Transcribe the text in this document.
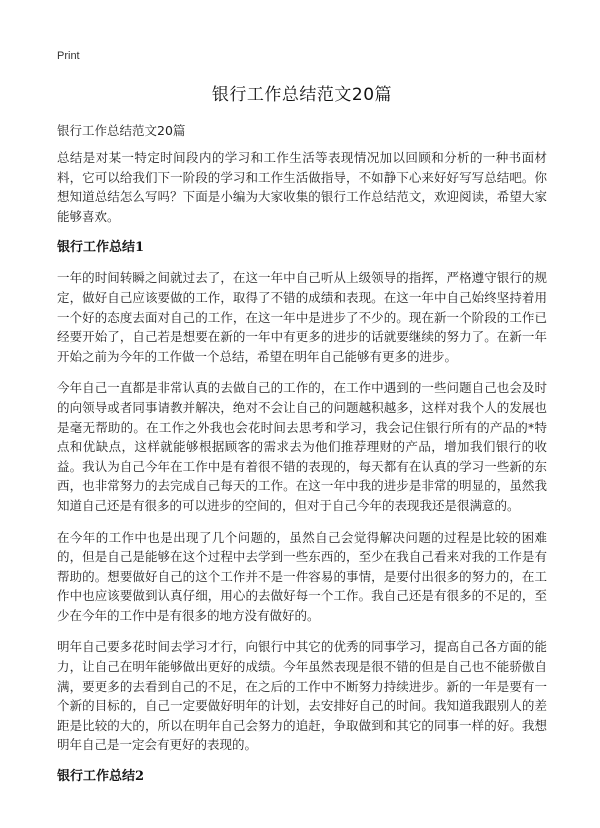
Print
银行工作总结范文20篇
银行工作总结范文20篇

总结是对某一特定时间段内的学习和工作生活等表现情况加以回顾和分析的一种书面材料，它可以给我们下一阶段的学习和工作生活做指导，不如静下心来好好写写总结吧。你想知道总结怎么写吗？下面是小编为大家收集的银行工作总结范文，欢迎阅读，希望大家能够喜欢。

银行工作总结1

一年的时间转瞬之间就过去了，在这一年中自己听从上级领导的指挥，严格遵守银行的规定，做好自己应该要做的工作，取得了不错的成绩和表现。在这一年中自己始终坚持着用一个好的态度去面对自己的工作，在这一年中是进步了不少的。现在新一个阶段的工作已经要开始了，自己若是想要在新的一年中有更多的进步的话就要继续的努力了。在新一年开始之前为今年的工作做一个总结，希望在明年自己能够有更多的进步。

今年自己一直都是非常认真的去做自己的工作的，在工作中遇到的一些问题自己也会及时的向领导或者同事请教并解决，绝对不会让自己的问题越积越多，这样对我个人的发展也是毫无帮助的。在工作之外我也会花时间去思考和学习，我会记住银行所有的产品的*特点和优缺点，这样就能够根据顾客的需求去为他们推荐理财的产品，增加我们银行的收益。我认为自己今年在工作中是有着很不错的表现的，每天都有在认真的学习一些新的东西，也非常努力的去完成自己每天的工作。在这一年中我的进步是非常的明显的，虽然我知道自己还是有很多的可以进步的空间的，但对于自己今年的表现我还是很满意的。

在今年的工作中也是出现了几个问题的，虽然自己会觉得解决问题的过程是比较的困难的，但是自己是能够在这个过程中去学到一些东西的，至少在我自己看来对我的工作是有帮助的。想要做好自己的这个工作并不是一件容易的事情，是要付出很多的努力的，在工作中也应该要做到认真仔细，用心的去做好每一个工作。我自己还是有很多的不足的，至少在今年的工作中是有很多的地方没有做好的。

明年自己要多花时间去学习才行，向银行中其它的优秀的同事学习，提高自己各方面的能力，让自己在明年能够做出更好的成绩。今年虽然表现是很不错的但是自己也不能骄傲自满，要更多的去看到自己的不足，在之后的工作中不断努力持续进步。新的一年是要有一个新的目标的，自己一定要做好明年的计划，去安排好自己的时间。我知道我跟别人的差距是比较的大的，所以在明年自己会努力的追赶，争取做到和其它的同事一样的好。我想明年自己是一定会有更好的表现的。

银行工作总结2
